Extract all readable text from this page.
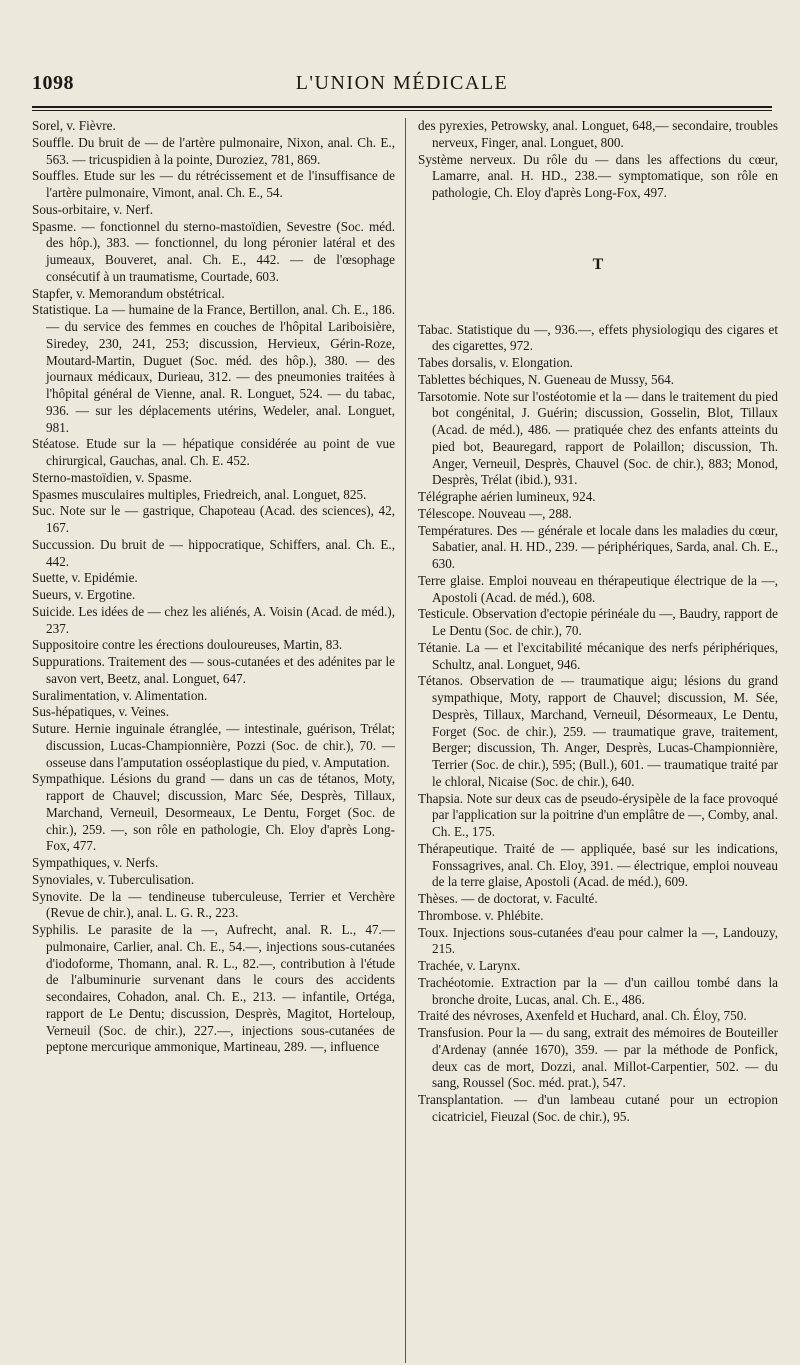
1098	L'UNION MÉDICALE

Sorel, v. Fièvre.

Souffle. Du bruit de — de l'artère pulmonaire, Nixon, anal. Ch. E., 563. — tricuspidien à la pointe, Duroziez, 781, 869.

Souffles. Etude sur les — du rétrécissement et de l'insuffisance de l'artère pulmonaire, Vimont, anal. Ch. E., 54.

Sous-orbitaire, v. Nerf.

Spasme. — fonctionnel du sterno-mastoïdien, Sevestre (Soc. méd. des hôp.), 383. — fonctionnel, du long péronier latéral et des jumeaux, Bouveret, anal. Ch. E., 442. — de l'œsophage consécutif à un traumatisme, Courtade, 603.

Stapfer, v. Memorandum obstétrical.

Statistique. La — humaine de la France, Bertillon, anal. Ch. E., 186. — du service des femmes en couches de l'hôpital Lariboisière, Siredey, 230, 241, 253; discussion, Hervieux, Gérin-Roze, Moutard-Martin, Duguet (Soc. méd. des hôp.), 380. — des journaux médicaux, Durieau, 312. — des pneumonies traitées à l'hôpital général de Vienne, anal. R. Longuet, 524. — du tabac, 936. — sur les déplacements utérins, Wedeler, anal. Longuet, 981.

Stéatose. Etude sur la — hépatique considérée au point de vue chirurgical, Gauchas, anal. Ch. E. 452.

Sterno-mastoïdien, v. Spasme.

Spasmes musculaires multiples, Friedreich, anal. Longuet, 825.

Suc. Note sur le — gastrique, Chapoteau (Acad. des sciences), 42, 167.

Succussion. Du bruit de — hippocratique, Schiffers, anal. Ch. E., 442.

Suette, v. Epidémie.

Sueurs, v. Ergotine.

Suicide. Les idées de — chez les aliénés, A. Voisin (Acad. de méd.), 237.

Suppositoire contre les érections douloureuses, Martin, 83.

Suppurations. Traitement des — sous-cutanées et des adénites par le savon vert, Beetz, anal. Longuet, 647.

Suralimentation, v. Alimentation.

Sus-hépatiques, v. Veines.

Suture. Hernie inguinale étranglée, — intestinale, guérison, Trélat; discussion, Lucas-Championnière, Pozzi (Soc. de chir.), 70. — osseuse dans l'amputation osséoplastique du pied, v. Amputation.

Sympathique. Lésions du grand — dans un cas de tétanos, Moty, rapport de Chauvel; discussion, Marc Sée, Desprès, Tillaux, Marchand, Verneuil, Desormeaux, Le Dentu, Forget (Soc. de chir.), 259. —, son rôle en pathologie, Ch. Eloy d'après Long-Fox, 477.

Sympathiques, v. Nerfs.

Synoviales, v. Tuberculisation.

Synovite. De la — tendineuse tuberculeuse, Terrier et Verchère (Revue de chir.), anal. L. G. R., 223.

Syphilis. Le parasite de la —, Aufrecht, anal. R. L., 47.— pulmonaire, Carlier, anal. Ch. E., 54.—, injections sous-cutanées d'iodoforme, Thomann, anal. R. L., 82.—, contribution à l'étude de l'albuminurie survenant dans le cours des accidents secondaires, Cohadon, anal. Ch. E., 213. — infantile, Ortéga, rapport de Le Dentu; discussion, Desprès, Magitot, Horteloup, Verneuil (Soc. de chir.), 227.—, injections sous-cutanées de peptone mercurique ammonique, Martineau, 289. —, influence

des pyrexies, Petrowsky, anal. Longuet, 648,— secondaire, troubles nerveux, Finger, anal. Longuet, 800.

Système nerveux. Du rôle du — dans les affections du cœur, Lamarre, anal. H. HD., 238.— symptomatique, son rôle en pathologie, Ch. Eloy d'après Long-Fox, 497.

T

Tabac. Statistique du —, 936.—, effets physiologiqu des cigares et des cigarettes, 972.

Tabes dorsalis, v. Elongation.

Tablettes béchiques, N. Gueneau de Mussy, 564.

Tarsotomie. Note sur l'ostéotomie et la — dans le traitement du pied bot congénital, J. Guérin; discussion, Gosselin, Blot, Tillaux (Acad. de méd.), 486. — pratiquée chez des enfants atteints du pied bot, Beauregard, rapport de Polaillon; discussion, Th. Anger, Verneuil, Desprès, Chauvel (Soc. de chir.), 883; Monod, Desprès, Trélat (ibid.), 931.

Télégraphe aérien lumineux, 924.

Télescope. Nouveau —, 288.

Températures. Des — générale et locale dans les maladies du cœur, Sabatier, anal. H. HD., 239. — périphériques, Sarda, anal. Ch. E., 630.

Terre glaise. Emploi nouveau en thérapeutique électrique de la —, Apostoli (Acad. de méd.), 608.

Testicule. Observation d'ectopie périnéale du —, Baudry, rapport de Le Dentu (Soc. de chir.), 70.

Tétanie. La — et l'excitabilité mécanique des nerfs périphériques, Schultz, anal. Longuet, 946.

Tétanos. Observation de — traumatique aigu; lésions du grand sympathique, Moty, rapport de Chauvel; discussion, M. Sée, Desprès, Tillaux, Marchand, Verneuil, Désormeaux, Le Dentu, Forget (Soc. de chir.), 259. — traumatique grave, traitement, Berger; discussion, Th. Anger, Desprès, Lucas-Championnière, Terrier (Soc. de chir.), 595; (Bull.), 601. — traumatique traité par le chloral, Nicaise (Soc. de chir.), 640.

Thapsia. Note sur deux cas de pseudo-érysipèle de la face provoqué par l'application sur la poitrine d'un emplâtre de —, Comby, anal. Ch. E., 175.

Thérapeutique. Traité de — appliquée, basé sur les indications, Fonssagrives, anal. Ch. Eloy, 391. — électrique, emploi nouveau de la terre glaise, Apostoli (Acad. de méd.), 609.

Thèses. — de doctorat, v. Faculté.

Thrombose. v. Phlébite.

Toux. Injections sous-cutanées d'eau pour calmer la —, Landouzy, 215.

Trachée, v. Larynx.

Trachéotomie. Extraction par la — d'un caillou tombé dans la bronche droite, Lucas, anal. Ch. E., 486.

Traité des névroses, Axenfeld et Huchard, anal. Ch. Éloy, 750.

Transfusion. Pour la — du sang, extrait des mémoires de Bouteiller d'Ardenay (année 1670), 359. — par la méthode de Ponfick, deux cas de mort, Dozzi, anal. Millot-Carpentier, 502. — du sang, Roussel (Soc. méd. prat.), 547.

Transplantation. — d'un lambeau cutané pour un ectropion cicatriciel, Fieuzal (Soc. de chir.), 95.
